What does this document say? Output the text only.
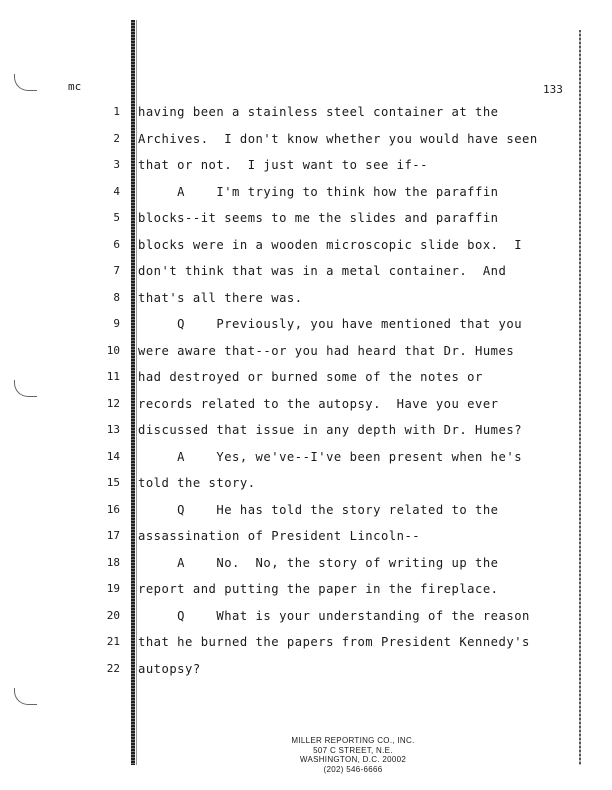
mc	133
1 having been a stainless steel container at the
2 Archives.  I don't know whether you would have seen
3 that or not.  I just want to see if--
4 A    I'm trying to think how the paraffin
5 blocks--it seems to me the slides and paraffin
6 blocks were in a wooden microscopic slide box.  I
7 don't think that was in a metal container.  And
8 that's all there was.
9 Q    Previously, you have mentioned that you
10 were aware that--or you had heard that Dr. Humes
11 had destroyed or burned some of the notes or
12 records related to the autopsy.  Have you ever
13 discussed that issue in any depth with Dr. Humes?
14 A    Yes, we've--I've been present when he's
15 told the story.
16 Q    He has told the story related to the
17 assassination of President Lincoln--
18 A    No.  No, the story of writing up the
19 report and putting the paper in the fireplace.
20 Q    What is your understanding of the reason
21 that he burned the papers from President Kennedy's
22 autopsy?
MILLER REPORTING CO., INC.
507 C STREET, N.E.
WASHINGTON, D.C. 20002
(202) 546-6666
